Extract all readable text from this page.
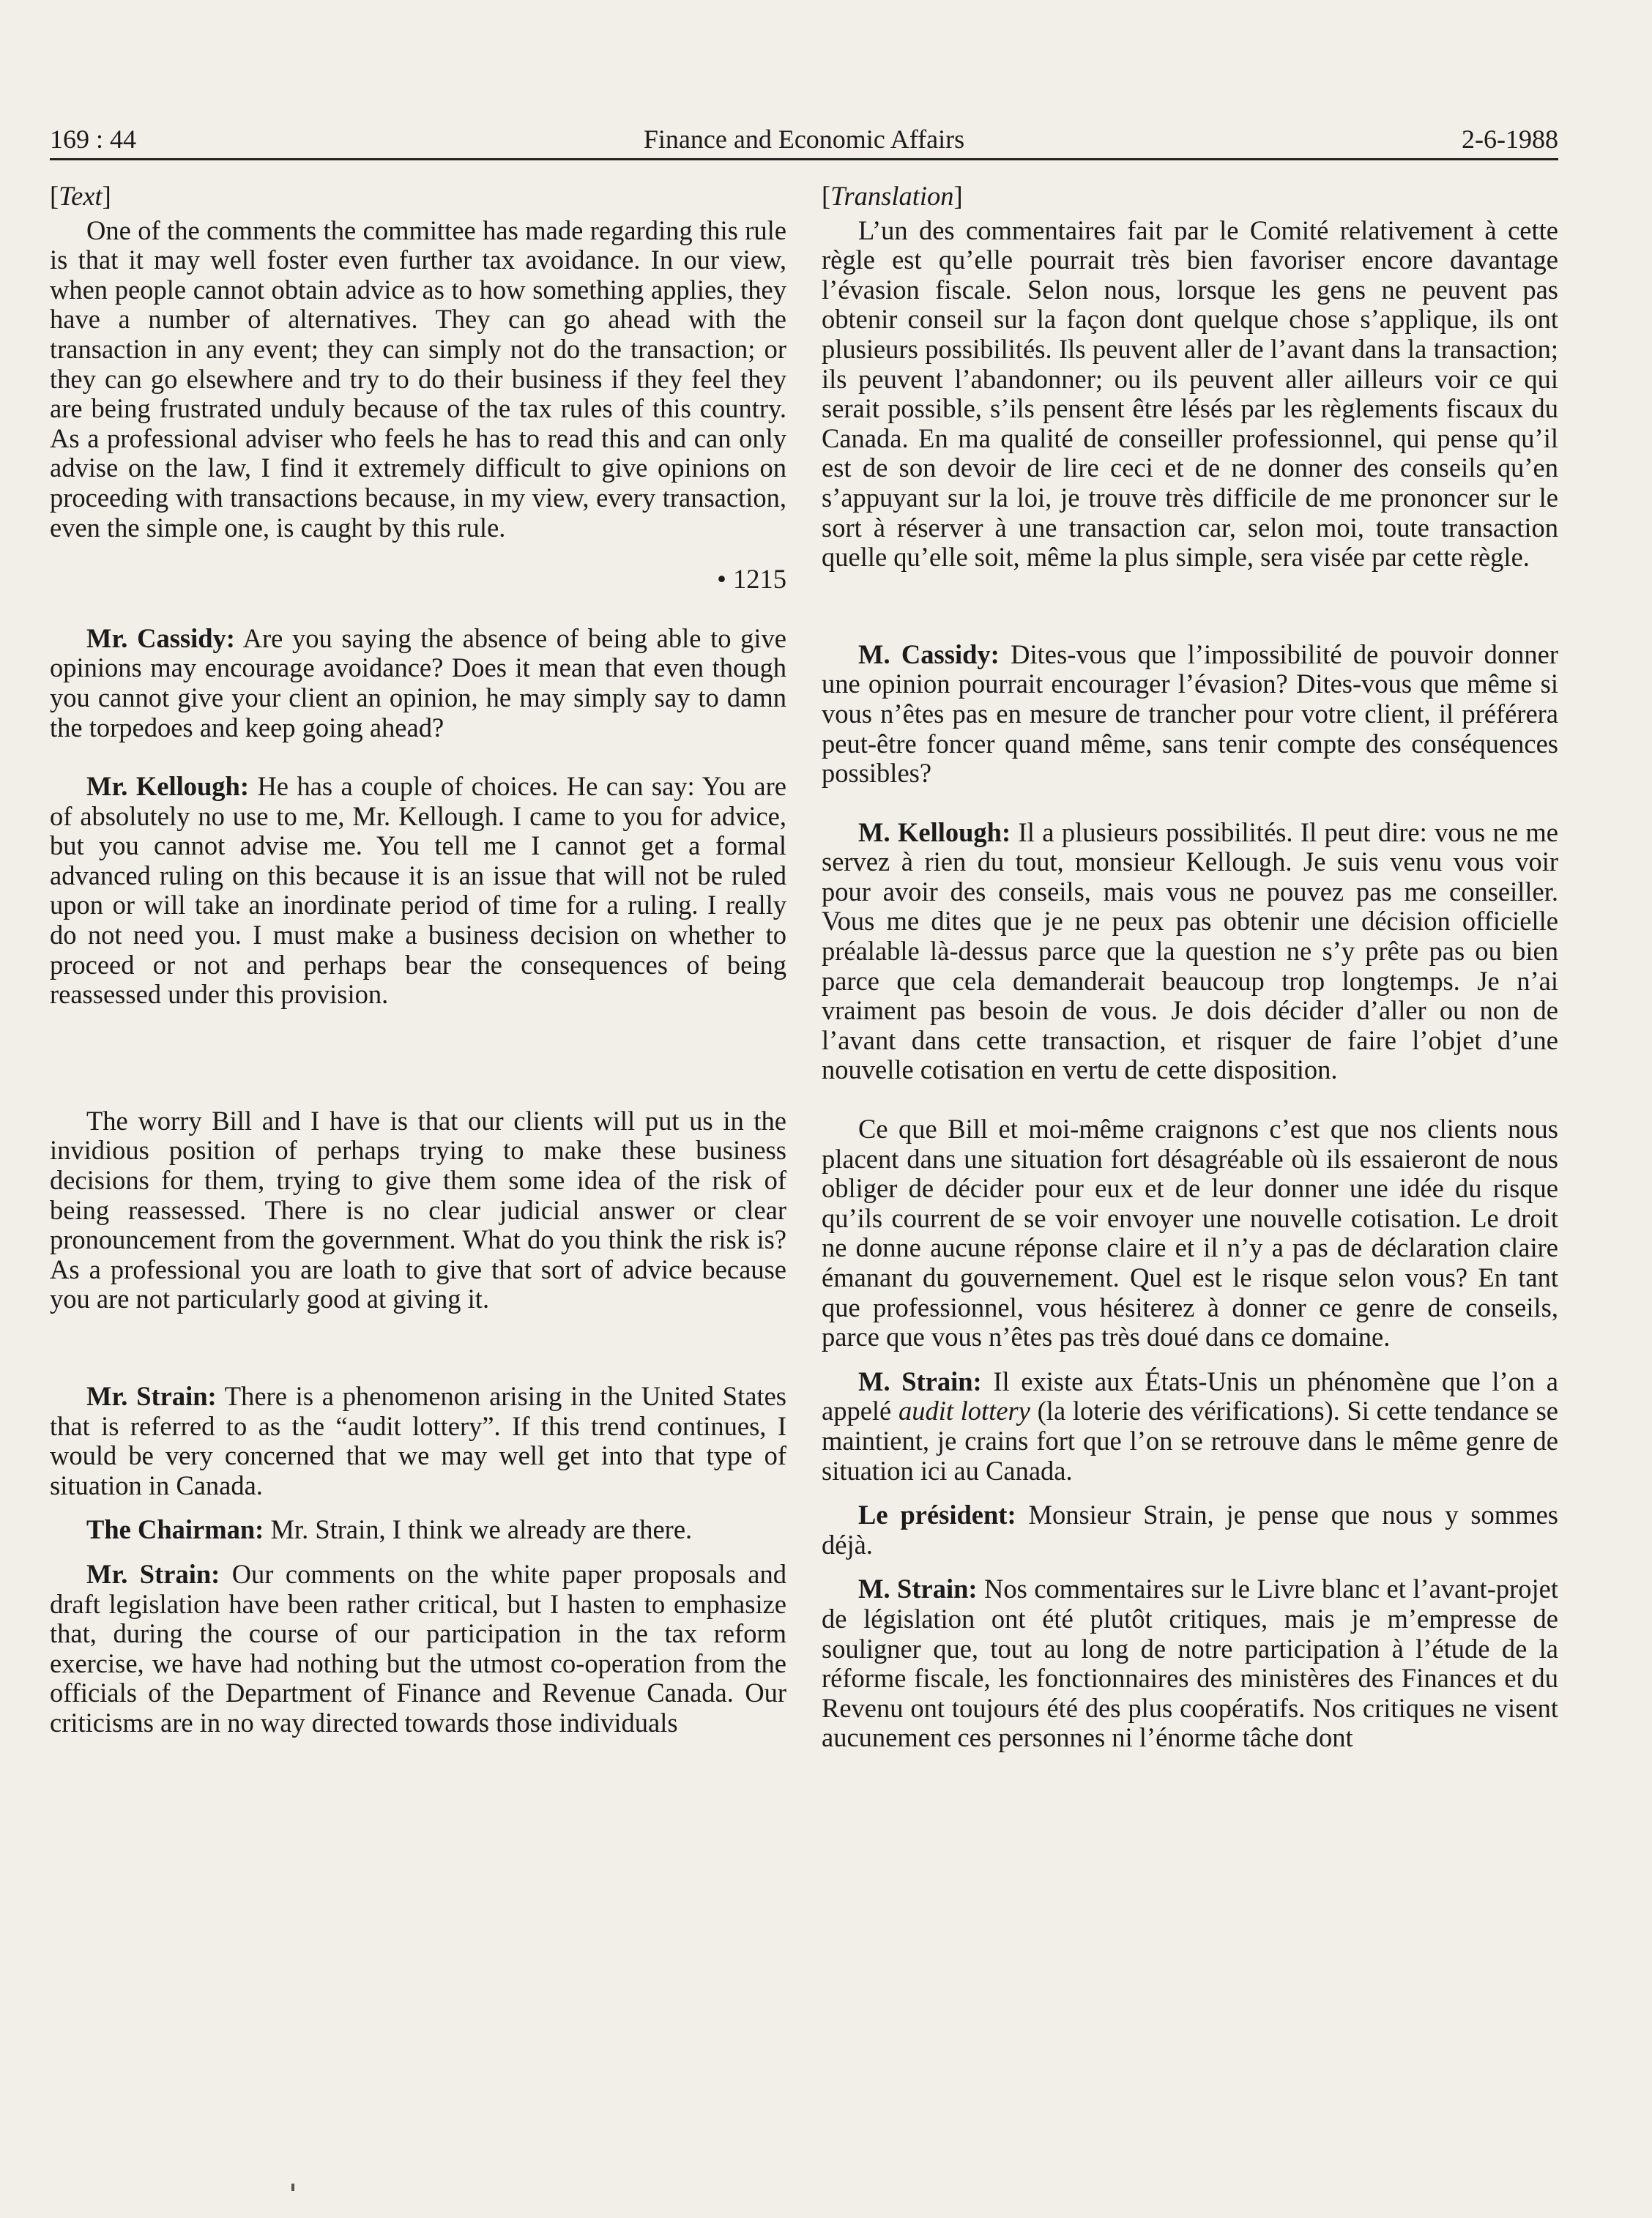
169 : 44	Finance and Economic Affairs	2-6-1988
[Text]

One of the comments the committee has made regarding this rule is that it may well foster even further tax avoidance. In our view, when people cannot obtain advice as to how something applies, they have a number of alternatives. They can go ahead with the transaction in any event; they can simply not do the transaction; or they can go elsewhere and try to do their business if they feel they are being frustrated unduly because of the tax rules of this country. As a professional adviser who feels he has to read this and can only advise on the law, I find it extremely difficult to give opinions on proceeding with transactions because, in my view, every transaction, even the simple one, is caught by this rule.

• 1215

Mr. Cassidy: Are you saying the absence of being able to give opinions may encourage avoidance? Does it mean that even though you cannot give your client an opinion, he may simply say to damn the torpedoes and keep going ahead?

Mr. Kellough: He has a couple of choices. He can say: You are of absolutely no use to me, Mr. Kellough. I came to you for advice, but you cannot advise me. You tell me I cannot get a formal advanced ruling on this because it is an issue that will not be ruled upon or will take an inordinate period of time for a ruling. I really do not need you. I must make a business decision on whether to proceed or not and perhaps bear the consequences of being reassessed under this provision.

The worry Bill and I have is that our clients will put us in the invidious position of perhaps trying to make these business decisions for them, trying to give them some idea of the risk of being reassessed. There is no clear judicial answer or clear pronouncement from the government. What do you think the risk is? As a professional you are loath to give that sort of advice because you are not particularly good at giving it.

Mr. Strain: There is a phenomenon arising in the United States that is referred to as the “audit lottery”. If this trend continues, I would be very concerned that we may well get into that type of situation in Canada.

The Chairman: Mr. Strain, I think we already are there.

Mr. Strain: Our comments on the white paper proposals and draft legislation have been rather critical, but I hasten to emphasize that, during the course of our participation in the tax reform exercise, we have had nothing but the utmost co-operation from the officials of the Department of Finance and Revenue Canada. Our criticisms are in no way directed towards those individuals

[Translation]

L’un des commentaires fait par le Comité relativement à cette règle est qu’elle pourrait très bien favoriser encore davantage l’évasion fiscale. Selon nous, lorsque les gens ne peuvent pas obtenir conseil sur la façon dont quelque chose s’applique, ils ont plusieurs possibilités. Ils peuvent aller de l’avant dans la transaction; ils peuvent l’abandonner; ou ils peuvent aller ailleurs voir ce qui serait possible, s’ils pensent être lésés par les règlements fiscaux du Canada. En ma qualité de conseiller professionnel, qui pense qu’il est de son devoir de lire ceci et de ne donner des conseils qu’en s’appuyant sur la loi, je trouve très difficile de me prononcer sur le sort à réserver à une transaction car, selon moi, toute transaction quelle qu’elle soit, même la plus simple, sera visée par cette règle.

M. Cassidy: Dites-vous que l’impossibilité de pouvoir donner une opinion pourrait encourager l’évasion? Dites-vous que même si vous n’êtes pas en mesure de trancher pour votre client, il préférera peut-être foncer quand même, sans tenir compte des conséquences possibles?

M. Kellough: Il a plusieurs possibilités. Il peut dire: vous ne me servez à rien du tout, monsieur Kellough. Je suis venu vous voir pour avoir des conseils, mais vous ne pouvez pas me conseiller. Vous me dites que je ne peux pas obtenir une décision officielle préalable là-dessus parce que la question ne s’y prête pas ou bien parce que cela demanderait beaucoup trop longtemps. Je n’ai vraiment pas besoin de vous. Je dois décider d’aller ou non de l’avant dans cette transaction, et risquer de faire l’objet d’une nouvelle cotisation en vertu de cette disposition.

Ce que Bill et moi-même craignons c’est que nos clients nous placent dans une situation fort désagréable où ils essaieront de nous obliger de décider pour eux et de leur donner une idée du risque qu’ils courrent de se voir envoyer une nouvelle cotisation. Le droit ne donne aucune réponse claire et il n’y a pas de déclaration claire émanant du gouvernement. Quel est le risque selon vous? En tant que professionnel, vous hésiterez à donner ce genre de conseils, parce que vous n’êtes pas très doué dans ce domaine.

M. Strain: Il existe aux États-Unis un phénomène que l’on a appelé audit lottery (la loterie des vérifications). Si cette tendance se maintient, je crains fort que l’on se retrouve dans le même genre de situation ici au Canada.

Le président: Monsieur Strain, je pense que nous y sommes déjà.

M. Strain: Nos commentaires sur le Livre blanc et l’avant-projet de législation ont été plutôt critiques, mais je m’empresse de souligner que, tout au long de notre participation à l’étude de la réforme fiscale, les fonctionnaires des ministères des Finances et du Revenu ont toujours été des plus coopératifs. Nos critiques ne visent aucunement ces personnes ni l’énorme tâche dont
